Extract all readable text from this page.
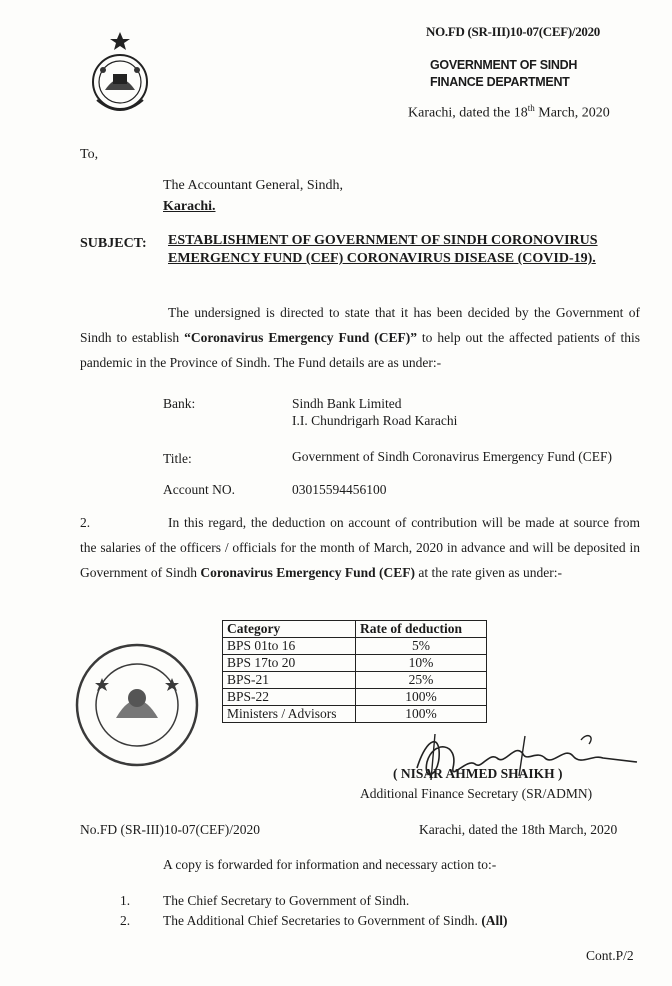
NO.FD (SR-III)10-07(CEF)/2020
GOVERNMENT OF SINDH
FINANCE DEPARTMENT
Karachi, dated the 18th March, 2020
To,
The Accountant General, Sindh,
Karachi.
SUBJECT: ESTABLISHMENT OF GOVERNMENT OF SINDH CORONOVIRUS
EMERGENCY FUND (CEF) CORONAVIRUS DISEASE (COVID-19).
The undersigned is directed to state that it has been decided by the Government of Sindh to establish “Coronavirus Emergency Fund (CEF)” to help out the affected patients of this pandemic in the Province of Sindh. The Fund details are as under:-
Bank:	Sindh Bank Limited
I.I. Chundrigarh Road Karachi
Title:	Government of Sindh Coronavirus Emergency Fund (CEF)
Account NO.	03015594456100
2.	In this regard, the deduction on account of contribution will be made at source from the salaries of the officers / officials for the month of March, 2020 in advance and will be deposited in Government of Sindh Coronavirus Emergency Fund (CEF) at the rate given as under:-
Category	Rate of deduction
BPS 01to 16	5%
BPS 17to 20	10%
BPS-21	25%
BPS-22	100%
Ministers / Advisors	100%
( NISAR AHMED SHAIKH )
Additional Finance Secretary (SR/ADMN)
No.FD (SR-III)10-07(CEF)/2020	Karachi, dated the 18th March, 2020
A copy is forwarded for information and necessary action to:-
1. The Chief Secretary to Government of Sindh.
2. The Additional Chief Secretaries to Government of Sindh. (All)
Cont.P/2
